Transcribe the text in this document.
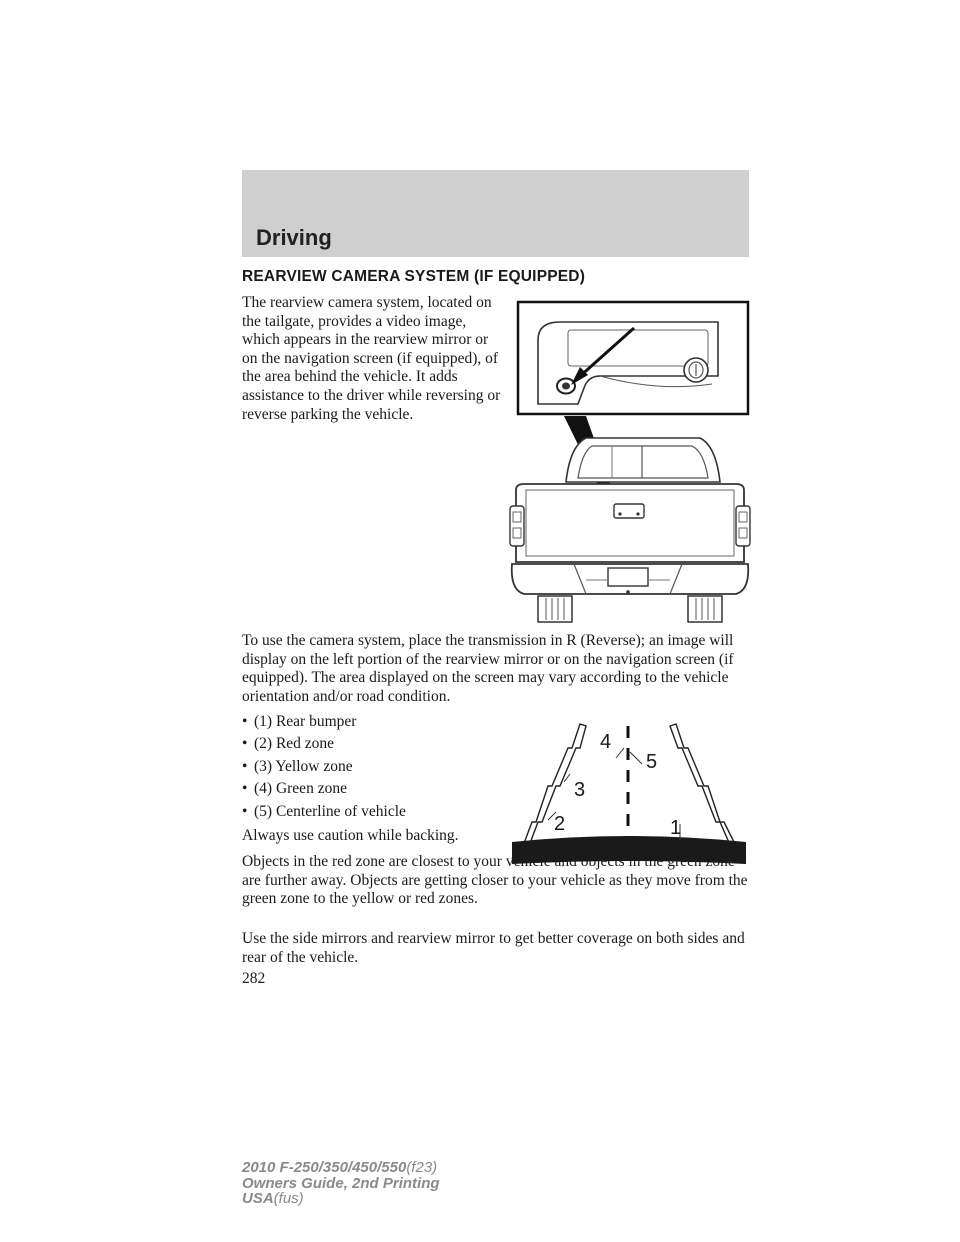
Driving
REARVIEW CAMERA SYSTEM (IF EQUIPPED)
The rearview camera system, located on the tailgate, provides a video image, which appears in the rearview mirror or on the navigation screen (if equipped), of the area behind the vehicle. It adds assistance to the driver while reversing or reverse parking the vehicle.
To use the camera system, place the transmission in R (Reverse); an image will display on the left portion of the rearview mirror or on the navigation screen (if equipped). The area displayed on the screen may vary according to the vehicle orientation and/or road condition.
• (1) Rear bumper
• (2) Red zone
• (3) Yellow zone
• (4) Green zone
• (5) Centerline of vehicle
4
5
3
2	1
Always use caution while backing.
Objects in the red zone are closest to your vehicle and objects in the green zone are further away. Objects are getting closer to your vehicle as they move from the green zone to the yellow or red zones.
Use the side mirrors and rearview mirror to get better coverage on both sides and rear of the vehicle.
282
2010 F-250/350/450/550(f23)
Owners Guide, 2nd Printing
USA(fus)
